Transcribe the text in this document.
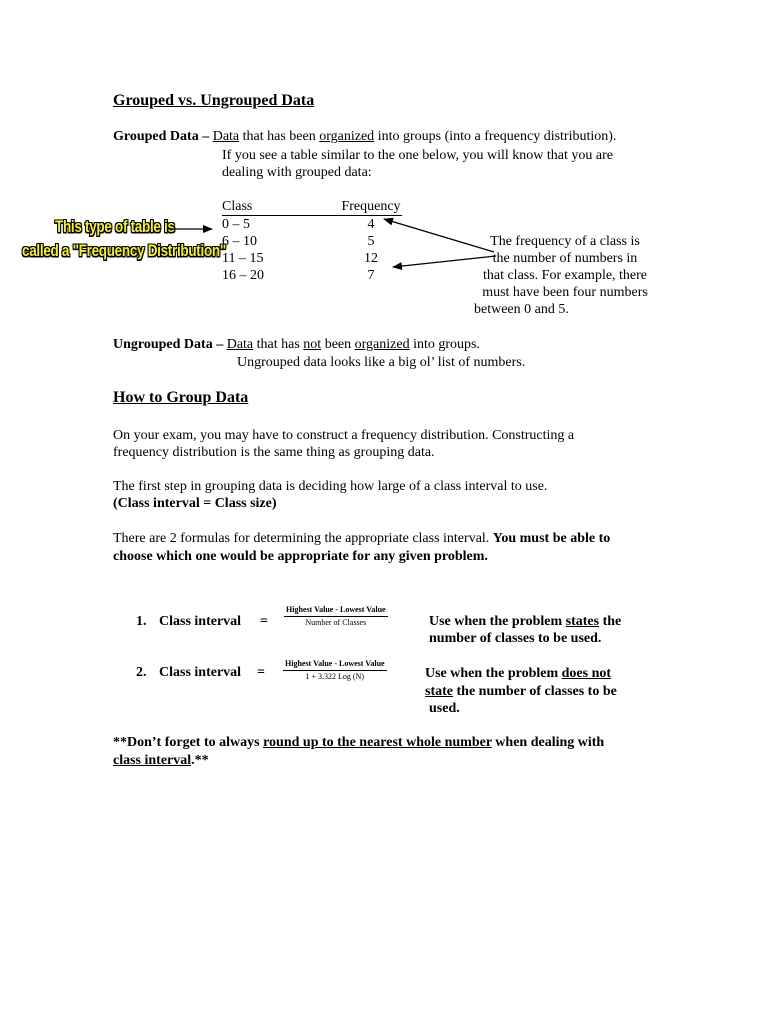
Grouped vs. Ungrouped Data
Grouped Data – Data that has been organized into groups (into a frequency distribution).
If you see a table similar to the one below, you will know that you are
dealing with grouped data:
Class	Frequency
0 – 5	4
6 – 10	5
11 – 15	12
16 – 20	7
This type of table is
called a "Frequency Distribution"	The frequency of a class is
the number of numbers in
that class. For example, there
must have been four numbers
between 0 and 5.
Ungrouped Data – Data that has not been organized into groups.
Ungrouped data looks like a big ol’ list of numbers.
How to Group Data
On your exam, you may have to construct a frequency distribution. Constructing a
frequency distribution is the same thing as grouping data.
The first step in grouping data is deciding how large of a class interval to use.
(Class interval = Class size)
There are 2 formulas for determining the appropriate class interval. You must be able to
choose which one would be appropriate for any given problem.
1. Class interval =
Highest Value - Lowest Value
Number of Classes	Use when the problem states the
number of classes to be used.
2. Class interval =
Highest Value - Lowest Value
1 + 3.322 Log (N)	Use when the problem does not
state the number of classes to be
used.
**Don’t forget to always round up to the nearest whole number when dealing with
class interval.**
